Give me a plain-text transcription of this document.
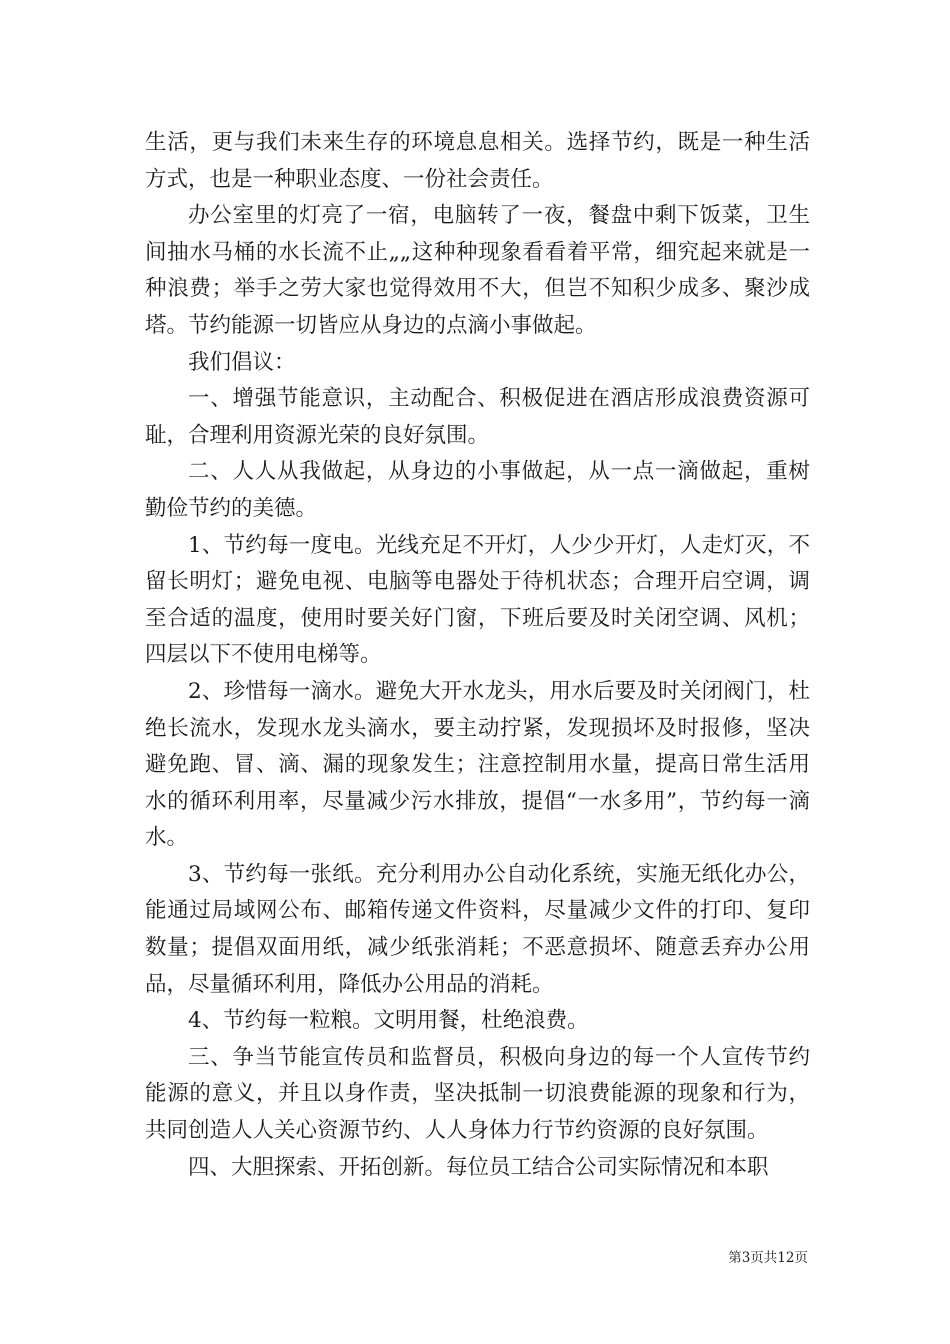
生活，更与我们未来生存的环境息息相关。选择节约，既是一种生活方式，也是一种职业态度、一份社会责任。

办公室里的灯亮了一宿，电脑转了一夜，餐盘中剩下饭菜，卫生间抽水马桶的水长流不止„„这种种现象看看着平常，细究起来就是一种浪费；举手之劳大家也觉得效用不大，但岂不知积少成多、聚沙成塔。节约能源一切皆应从身边的点滴小事做起。

我们倡议：

一、增强节能意识，主动配合、积极促进在酒店形成浪费资源可耻，合理利用资源光荣的良好氛围。

二、人人从我做起，从身边的小事做起，从一点一滴做起，重树勤俭节约的美德。

1、节约每一度电。光线充足不开灯，人少少开灯，人走灯灭，不留长明灯；避免电视、电脑等电器处于待机状态；合理开启空调，调至合适的温度，使用时要关好门窗，下班后要及时关闭空调、风机；四层以下不使用电梯等。

2、珍惜每一滴水。避免大开水龙头，用水后要及时关闭阀门，杜绝长流水，发现水龙头滴水，要主动拧紧，发现损坏及时报修，坚决避免跑、冒、滴、漏的现象发生；注意控制用水量，提高日常生活用水的循环利用率，尽量减少污水排放，提倡“一水多用”，节约每一滴水。

3、节约每一张纸。充分利用办公自动化系统，实施无纸化办公，能通过局域网公布、邮箱传递文件资料，尽量减少文件的打印、复印数量；提倡双面用纸，减少纸张消耗；不恶意损坏、随意丢弃办公用品，尽量循环利用，降低办公用品的消耗。

4、节约每一粒粮。文明用餐，杜绝浪费。

三、争当节能宣传员和监督员，积极向身边的每一个人宣传节约能源的意义，并且以身作责，坚决抵制一切浪费能源的现象和行为，共同创造人人关心资源节约、人人身体力行节约资源的良好氛围。

四、大胆探索、开拓创新。每位员工结合公司实际情况和本职

第3页共12页
